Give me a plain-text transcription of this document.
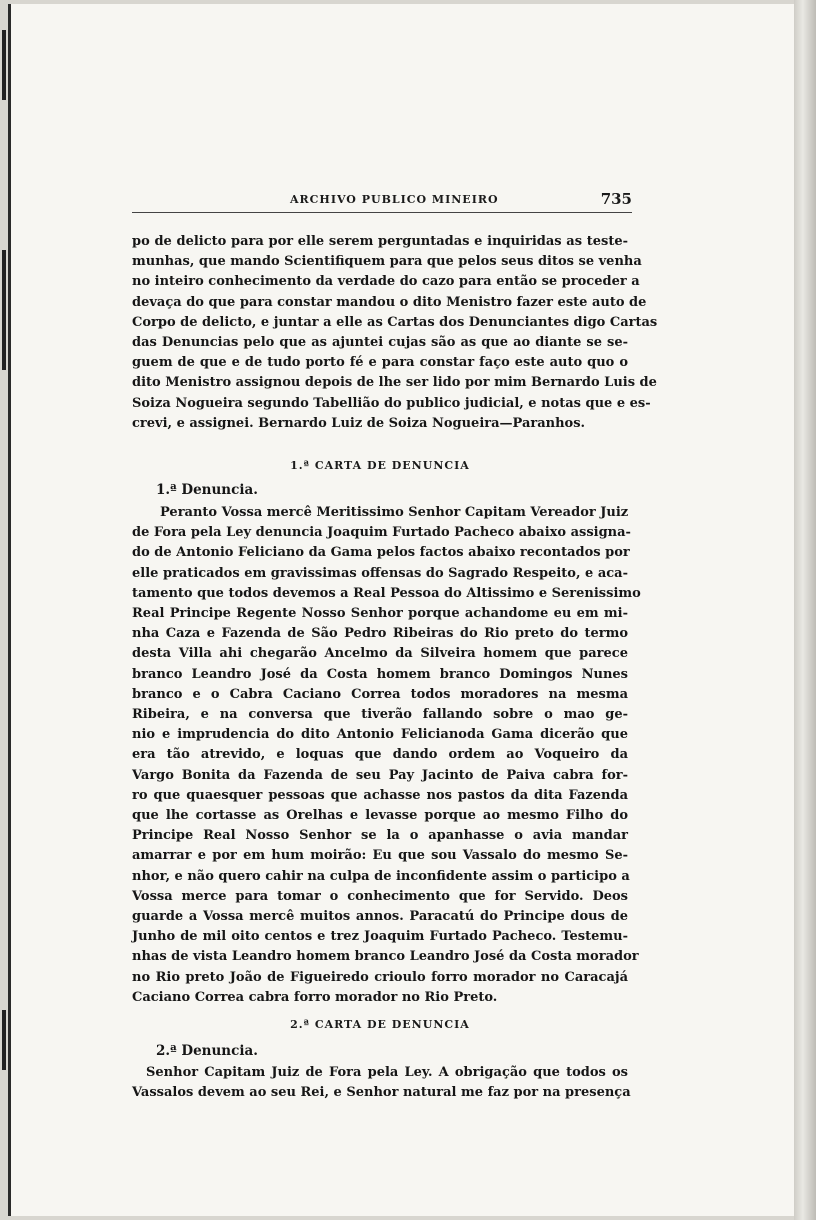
ARCHIVO PUBLICO MINEIRO	735
po de delicto para por elle serem perguntadas e inquiridas as teste-
munhas, que mando Scientifiquem para que pelos seus ditos se venha
no inteiro conhecimento da verdade do cazo para então se proceder a
devaça do que para constar mandou o dito Menistro fazer este auto de
Corpo de delicto, e juntar a elle as Cartas dos Denunciantes digo Cartas
das Denuncias pelo que as ajuntei cujas são as que ao diante se se-
guem de que e de tudo porto fé e para constar faço este auto quo o
dito Menistro assignou depois de lhe ser lido por mim Bernardo Luis de
Soiza Nogueira segundo Tabellião do publico judicial, e notas que e es-
crevi, e assignei. Bernardo Luiz de Soiza Nogueira—Paranhos.
1.ª CARTA DE DENUNCIA
1.ª Denuncia.
Peranto Vossa mercê Meritissimo Senhor Capitam Vereador Juiz
de Fora pela Ley denuncia Joaquim Furtado Pacheco abaixo assigna-
do de Antonio Feliciano da Gama pelos factos abaixo recontados por
elle praticados em gravissimas offensas do Sagrado Respeito, e aca-
tamento que todos devemos a Real Pessoa do Altissimo e Serenissimo
Real Principe Regente Nosso Senhor porque achandome eu em mi-
nha Caza e Fazenda de São Pedro Ribeiras do Rio preto do termo
desta Villa ahi chegarão Ancelmo da Silveira homem que parece
branco Leandro José da Costa homem branco Domingos Nunes
branco e o Cabra Caciano Correa todos moradores na mesma
Ribeira, e na conversa que tiverão fallando sobre o mao ge-
nio e imprudencia do dito Antonio Felicianoda Gama dicerão que
era tão atrevido, e loquas que dando ordem ao Voqueiro da
Vargo Bonita da Fazenda de seu Pay Jacinto de Paiva cabra for-
ro que quaesquer pessoas que achasse nos pastos da dita Fazenda
que lhe cortasse as Orelhas e levasse porque ao mesmo Filho do
Principe Real Nosso Senhor se la o apanhasse o avia mandar
amarrar e por em hum moirão: Eu que sou Vassalo do mesmo Se-
nhor, e não quero cahir na culpa de inconfidente assim o participo a
Vossa merce para tomar o conhecimento que for Servido. Deos
guarde a Vossa mercê muitos annos. Paracatú do Principe dous de
Junho de mil oito centos e trez Joaquim Furtado Pacheco. Testemu-
nhas de vista Leandro homem branco Leandro José da Costa morador
no Rio preto João de Figueiredo crioulo forro morador no Caracajá
Caciano Correa cabra forro morador no Rio Preto.
2.ª CARTA DE DENUNCIA
2.ª Denuncia.
Senhor Capitam Juiz de Fora pela Ley. A obrigação que todos os
Vassalos devem ao seu Rei, e Senhor natural me faz por na presença
